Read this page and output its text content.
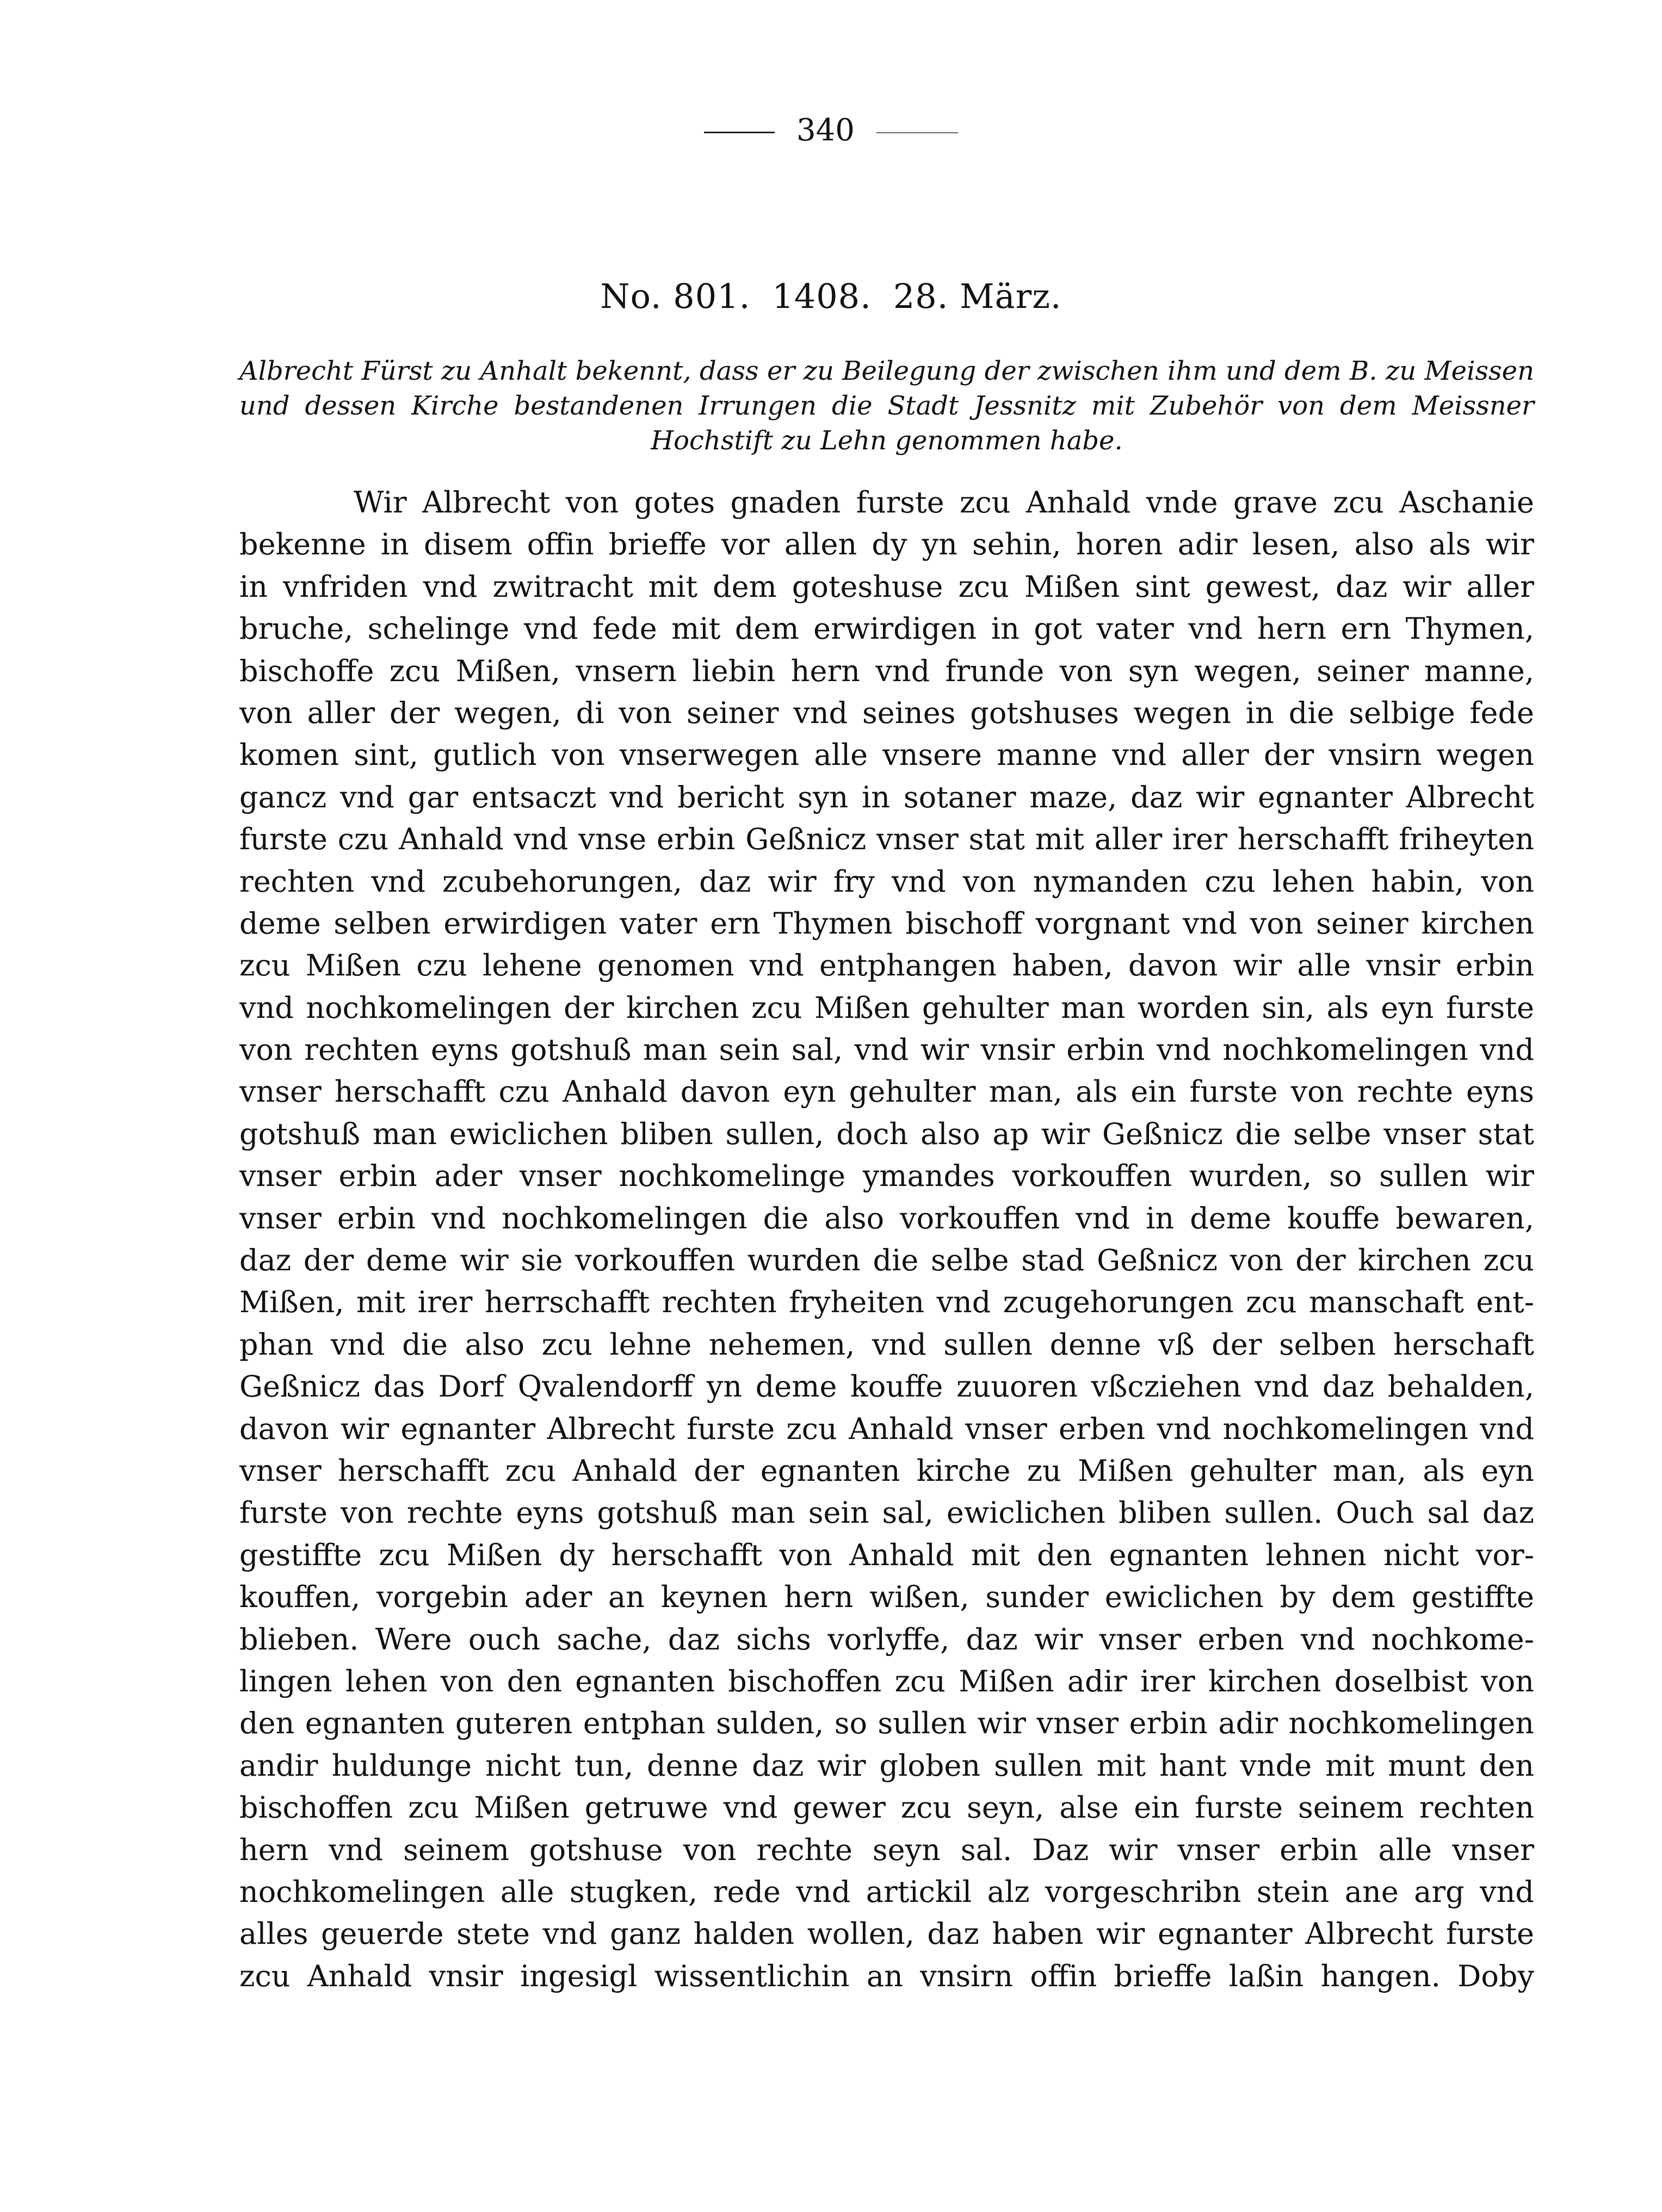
340
No. 801. 1408. 28. März.
Albrecht Fürst zu Anhalt bekennt, dass er zu Beilegung der zwischen ihm und dem B. zu Meissen und dessen Kirche bestandenen Irrungen die Stadt Jessnitz mit Zubehör von dem Meissner Hochstift zu Lehn genommen habe.
Wir Albrecht von gotes gnaden furste zcu Anhald vnde grave zcu Aschanie
bekenne in disem offin brieffe vor allen dy yn sehin, horen adir lesen, also als wir
in vnfriden vnd zwitracht mit dem goteshuse zcu Mißen sint gewest, daz wir aller
bruche, schelinge vnd fede mit dem erwirdigen in got vater vnd hern ern Thymen,
bischoffe zcu Mißen, vnsern liebin hern vnd frunde von syn wegen, seiner manne,
von aller der wegen, di von seiner vnd seines gotshuses wegen in die selbige fede
komen sint, gutlich von vnserwegen alle vnsere manne vnd aller der vnsirn wegen
gancz vnd gar entsaczt vnd bericht syn in sotaner maze, daz wir egnanter Albrecht
furste czu Anhald vnd vnse erbin Geßnicz vnser stat mit aller irer herschafft friheyten
rechten vnd zcubehorungen, daz wir fry vnd von nymanden czu lehen habin, von
deme selben erwirdigen vater ern Thymen bischoff vorgnant vnd von seiner kirchen
zcu Mißen czu lehene genomen vnd entphangen haben, davon wir alle vnsir erbin
vnd nochkomelingen der kirchen zcu Mißen gehulter man worden sin, als eyn furste
von rechten eyns gotshuß man sein sal, vnd wir vnsir erbin vnd nochkomelingen vnd
vnser herschafft czu Anhald davon eyn gehulter man, als ein furste von rechte eyns
gotshuß man ewiclichen bliben sullen, doch also ap wir Geßnicz die selbe vnser stat
vnser erbin ader vnser nochkomelinge ymandes vorkouffen wurden, so sullen wir
vnser erbin vnd nochkomelingen die also vorkouffen vnd in deme kouffe bewaren,
daz der deme wir sie vorkouffen wurden die selbe stad Geßnicz von der kirchen zcu
Mißen, mit irer herrschafft rechten fryheiten vnd zcugehorungen zcu manschaft ent-
phan vnd die also zcu lehne nehemen, vnd sullen denne vß der selben herschaft
Geßnicz das Dorf Qvalendorff yn deme kouffe zuuoren vßcziehen vnd daz behalden,
davon wir egnanter Albrecht furste zcu Anhald vnser erben vnd nochkomelingen vnd
vnser herschafft zcu Anhald der egnanten kirche zu Mißen gehulter man, als eyn
furste von rechte eyns gotshuß man sein sal, ewiclichen bliben sullen. Ouch sal daz
gestiffte zcu Mißen dy herschafft von Anhald mit den egnanten lehnen nicht vor-
kouffen, vorgebin ader an keynen hern wißen, sunder ewiclichen by dem gestiffte
blieben. Were ouch sache, daz sichs vorlyffe, daz wir vnser erben vnd nochkome-
lingen lehen von den egnanten bischoffen zcu Mißen adir irer kirchen doselbist von
den egnanten guteren entphan sulden, so sullen wir vnser erbin adir nochkomelingen
andir huldunge nicht tun, denne daz wir globen sullen mit hant vnde mit munt den
bischoffen zcu Mißen getruwe vnd gewer zcu seyn, alse ein furste seinem rechten
hern vnd seinem gotshuse von rechte seyn sal. Daz wir vnser erbin alle vnser
nochkomelingen alle stugken, rede vnd artickil alz vorgeschribn stein ane arg vnd
alles geuerde stete vnd ganz halden wollen, daz haben wir egnanter Albrecht furste
zcu Anhald vnsir ingesigl wissentlichin an vnsirn offin brieffe laßin hangen. Doby
